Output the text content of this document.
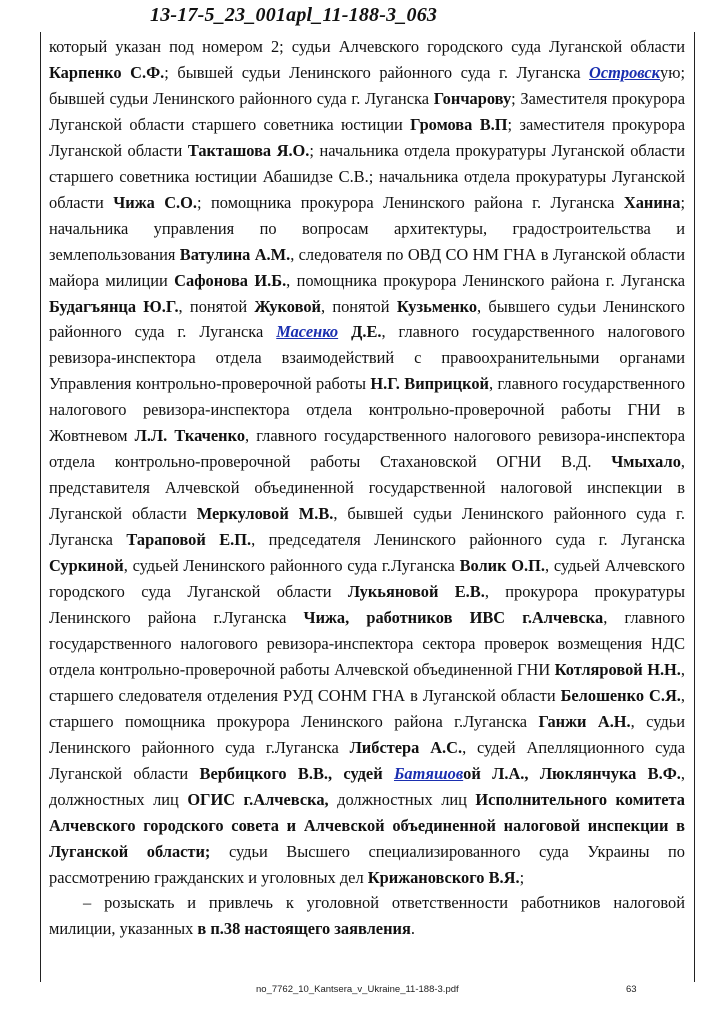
13-17-5_23_001apl_11-188-3_063

который указан под номером 2; судьи Алчевского городского суда Луганской области Карпенко С.Ф.; бывшей судьи Ленинского районного суда г. Луганска Островскую; бывшей судьи Ленинского районного суда г. Луганска Гончарову; Заместителя прокурора Луганской области старшего советника юстиции Громова В.П; заместителя прокурора Луганской области Такташова Я.О.; начальника отдела прокуратуры Луганской области старшего советника юстиции Абашидзе С.В.; начальника отдела прокуратуры Луганской области Чижа С.О.; помощника прокурора Ленинского района г. Луганска Ханина; начальника управления по вопросам архитектуры, градостроительства и землепользования Ватулина А.М., следователя по ОВД СО НМ ГНА в Луганской области майора милиции Сафонова И.Б., помощника прокурора Ленинского района г. Луганска Будагъянца Ю.Г., понятой Жуковой, понятой Кузьменко, бывшего судьи Ленинского районного суда г. Луганска Масенко Д.Е., главного государственного налогового ревизора-инспектора отдела взаимодействий с правоохранительными органами Управления контрольно-проверочной работы Н.Г. Виприцкой, главного государственного налогового ревизора-инспектора отдела контрольно-проверочной работы ГНИ в Жовтневом Л.Л. Ткаченко, главного государственного налогового ревизора-инспектора отдела контрольно-проверочной работы Стахановской ОГНИ В.Д. Чмыхало, представителя Алчевской объединенной государственной налоговой инспекции в Луганской области Меркуловой М.В., бывшей судьи Ленинского районного суда г. Луганска Тараповой Е.П., председателя Ленинского районного суда г. Луганска Суркиной, судьей Ленинского районного суда г.Луганска Волик О.П., судьей Алчевского городского суда Луганской области Лукьяновой Е.В., прокурора прокуратуры Ленинского района г.Луганска Чижа, работников ИВС г.Алчевска, главного государственного налогового ревизора-инспектора сектора проверок возмещения НДС отдела контрольно-проверочной работы Алчевской объединенной ГНИ Котляровой Н.Н., старшего следователя отделения РУД СОНМ ГНА в Луганской области Белошенко С.Я., старшего помощника прокурора Ленинского района г.Луганска Ганжи А.Н., судьи Ленинского районного суда г.Луганска Либстера А.С., судей Апелляционного суда Луганской области Вербицкого В.В., судей Батяшовой Л.А., Люклянчука В.Ф., должностных лиц ОГИС г.Алчевска, должностных лиц Исполнительного комитета Алчевского городского совета и Алчевской объединенной налоговой инспекции в Луганской области; судьи Высшего специализированного суда Украины по рассмотрению гражданских и уголовных дел Крижановского В.Я.;

– розыскать и привлечь к уголовной ответственности работников налоговой милиции, указанных в п.38 настоящего заявления.

no_7762_10_Kantsera_v_Ukraine_11-188-3.pdf	63
